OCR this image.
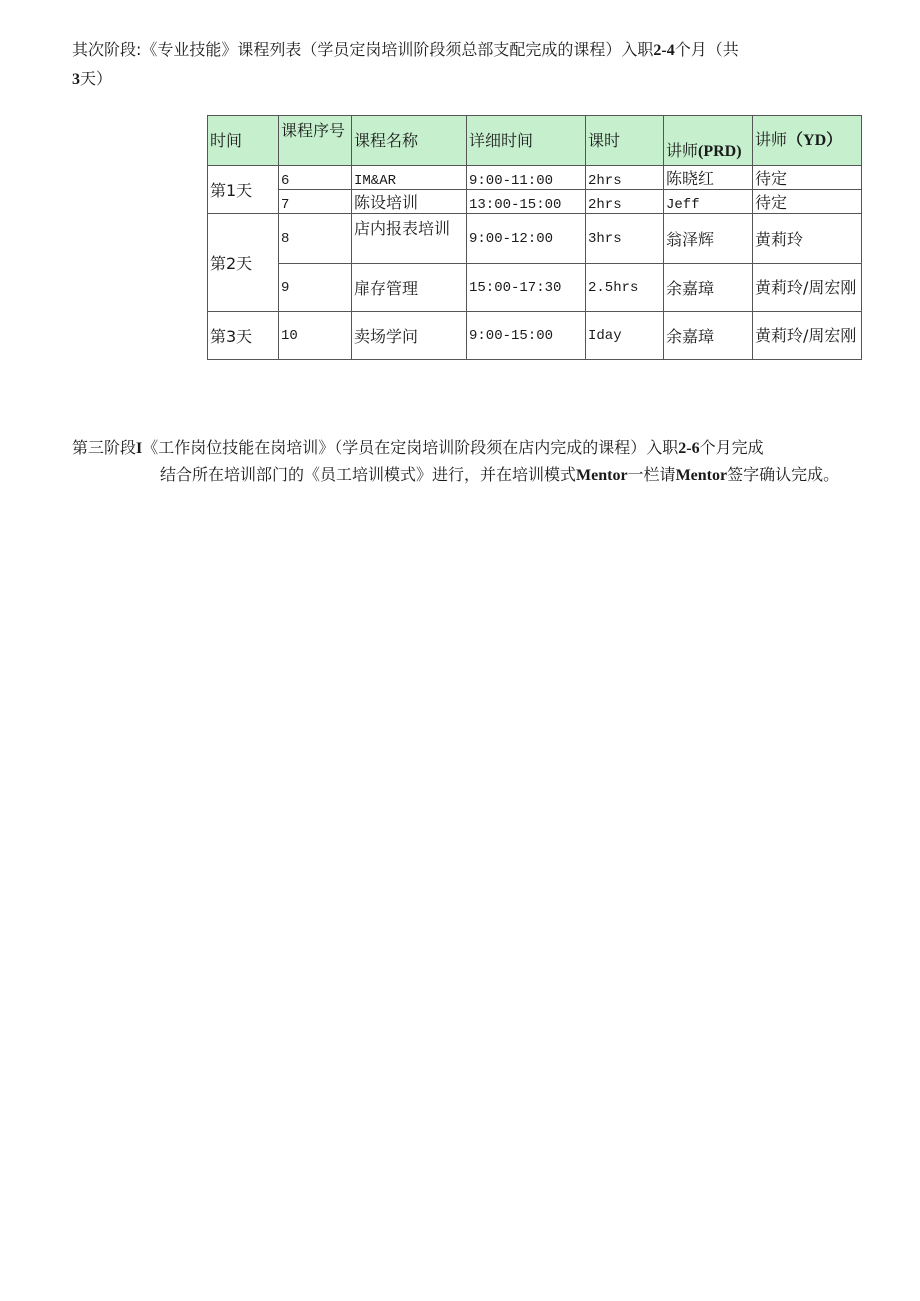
其次阶段:《专业技能》课程列表（学员定岗培训阶段须总部支配完成的课程）入职2-4个月（共
3天）

时间	课程序号	课程名称	详细时间	课时	讲师(PRD)	讲师（YD）
第1天	6	IM&AR	9:00-11:00	2hrs	陈晓红	待定
	7	陈设培训	13:00-15:00	2hrs	Jeff	待定
第2天	8	店内报表培训	9:00-12:00	3hrs	翁泽辉	黄莉玲
	9	扉存管理	15:00-17:30	2.5hrs	余嘉璋	黄莉玲/周宏刚
第3天	10	卖场学问	9:00-15:00	Iday	余嘉璋	黄莉玲/周宏刚

第三阶段I《工作岗位技能在岗培训》（学员在定岗培训阶段须在店内完成的课程）入职2-6个月完成

结合所在培训部门的《员工培训模式》进行，并在培训模式Mentor一栏请Mentor签字确认完成。
